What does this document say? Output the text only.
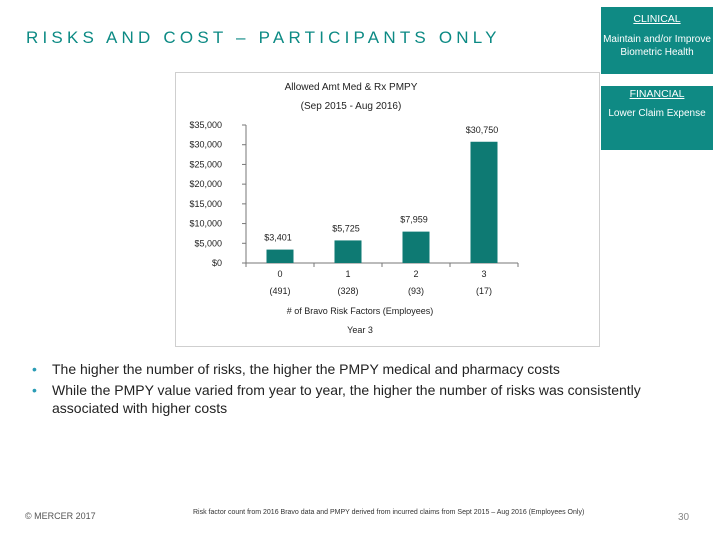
RISKS AND COST – PARTICIPANTS ONLY
CLINICAL
Maintain and/or Improve Biometric Health
FINANCIAL
Lower Claim Expense
Allowed Amt Med & Rx PMPY
(Sep 2015 - Aug 2016)
$0
$5,000
$10,000
$15,000
$20,000
$25,000
$30,000
$35,000
$3,401
0
(491)
$5,725
1
(328)
$7,959
2
(93)
$30,750
3
(17)
# of Bravo Risk Factors (Employees)
Year 3
• The higher the number of risks, the higher the PMPY medical and pharmacy costs
• While the PMPY value varied from year to year, the higher the number of risks was consistently associated with higher costs
© MERCER 2017	Risk factor count from 2016 Bravo data and PMPY derived from incurred claims from Sept 2015 – Aug 2016 (Employees Only)	30
